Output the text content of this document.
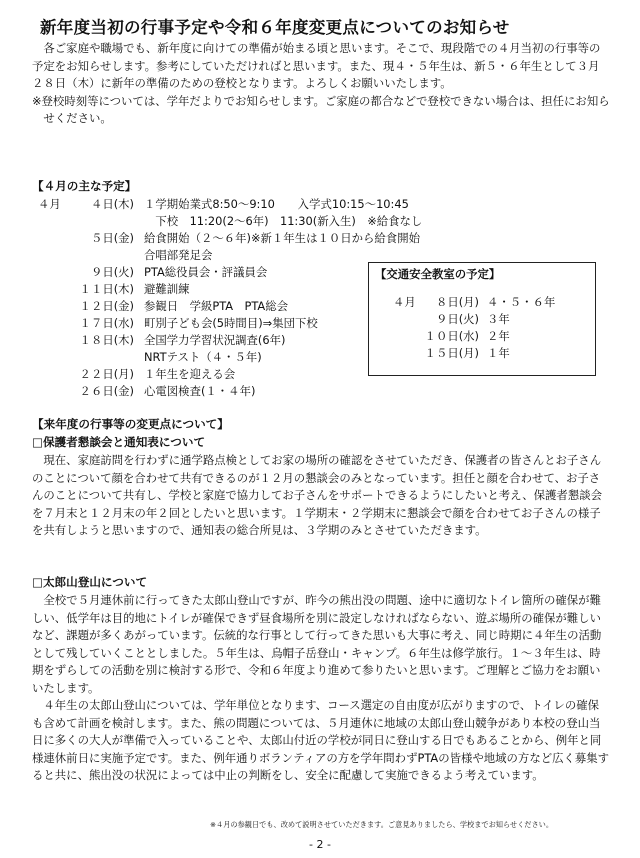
新年度当初の行事予定や令和６年度変更点についてのお知らせ

各ご家庭や職場でも、新年度に向けての準備が始まる頃と思います。そこで、現段階での４月当初の行事等の予定をお知らせします。参考にしていただければと思います。また、現４・５年生は、新５・６年生として３月２８日（木）に新年の準備のための登校となります。よろしくお願いいたします。

※登校時刻等については、学年だよりでお知らせします。ご家庭の都合などで登校できない場合は、担任にお知らせください。

【４月の主な予定】
４月	４日(木) １学期始業式8:50〜9:10　　入学式10:15〜10:45
　下校　11:20(2〜6年)　11:30(新入生)　※給食なし
５日(金) 給食開始（２〜６年)※新１年生は１０日から給食開始
合唱部発足会
９日(火) PTA総役員会・評議員会
１１日(木) 避難訓練
１２日(金) 参観日　学級PTA　PTA総会
１７日(水) 町別子ども会(5時間目)⇒集団下校
１８日(木) 全国学力学習状況調査(6年)
NRTテスト（４・５年)
２２日(月) １年生を迎える会
２６日(金) 心電図検査(１・４年)
【交通安全教室の予定】
４月	８日(月) ４・５・６年
９日(火) ３年
１０日(水) ２年
１５日(月) １年
【来年度の行事等の変更点について】
□保護者懇談会と通知表について

現在、家庭訪問を行わずに通学路点検としてお家の場所の確認をさせていただき、保護者の皆さんとお子さんのことについて顔を合わせて共有できるのが１２月の懇談会のみとなっています。担任と顔を合わせて、お子さんのことについて共有し、学校と家庭で協力してお子さんをサポートできるようにしたいと考え、保護者懇談会を７月末と１２月末の年２回としたいと思います。１学期末・２学期末に懇談会で顔を合わせてお子さんの様子を共有しようと思いますので、通知表の総合所見は、３学期のみとさせていただきます。

□太郎山登山について

全校で５月連休前に行ってきた太郎山登山ですが、昨今の熊出没の問題、途中に適切なトイレ箇所の確保が難しい、低学年は目的地にトイレが確保できず昼食場所を別に設定しなければならない、遊ぶ場所の確保が難しいなど、課題が多くあがっています。伝統的な行事として行ってきた思いも大事に考え、同じ時期に４年生の活動として残していくこととしました。５年生は、烏帽子岳登山・キャンプ。６年生は修学旅行。１〜３年生は、時期をずらしての活動を別に検討する形で、令和６年度より進めて参りたいと思います。ご理解とご協力をお願いいたします。

４年生の太郎山登山については、学年単位となります、コース選定の自由度が広がりますので、トイレの確保も含めて計画を検討します。また、熊の問題については、５月連休に地域の太郎山登山競争があり本校の登山当日に多くの大人が準備で入っていることや、太郎山付近の学校が同日に登山する日でもあることから、例年と同様連休前日に実施予定です。また、例年通りボランティアの方を学年問わずPTAの皆様や地域の方など広く募集すると共に、熊出没の状況によっては中止の判断をし、安全に配慮して実施できるよう考えています。

※４月の参観日でも、改めて説明させていただきます。ご意見ありましたら、学校までお知らせください。
- 2 -
